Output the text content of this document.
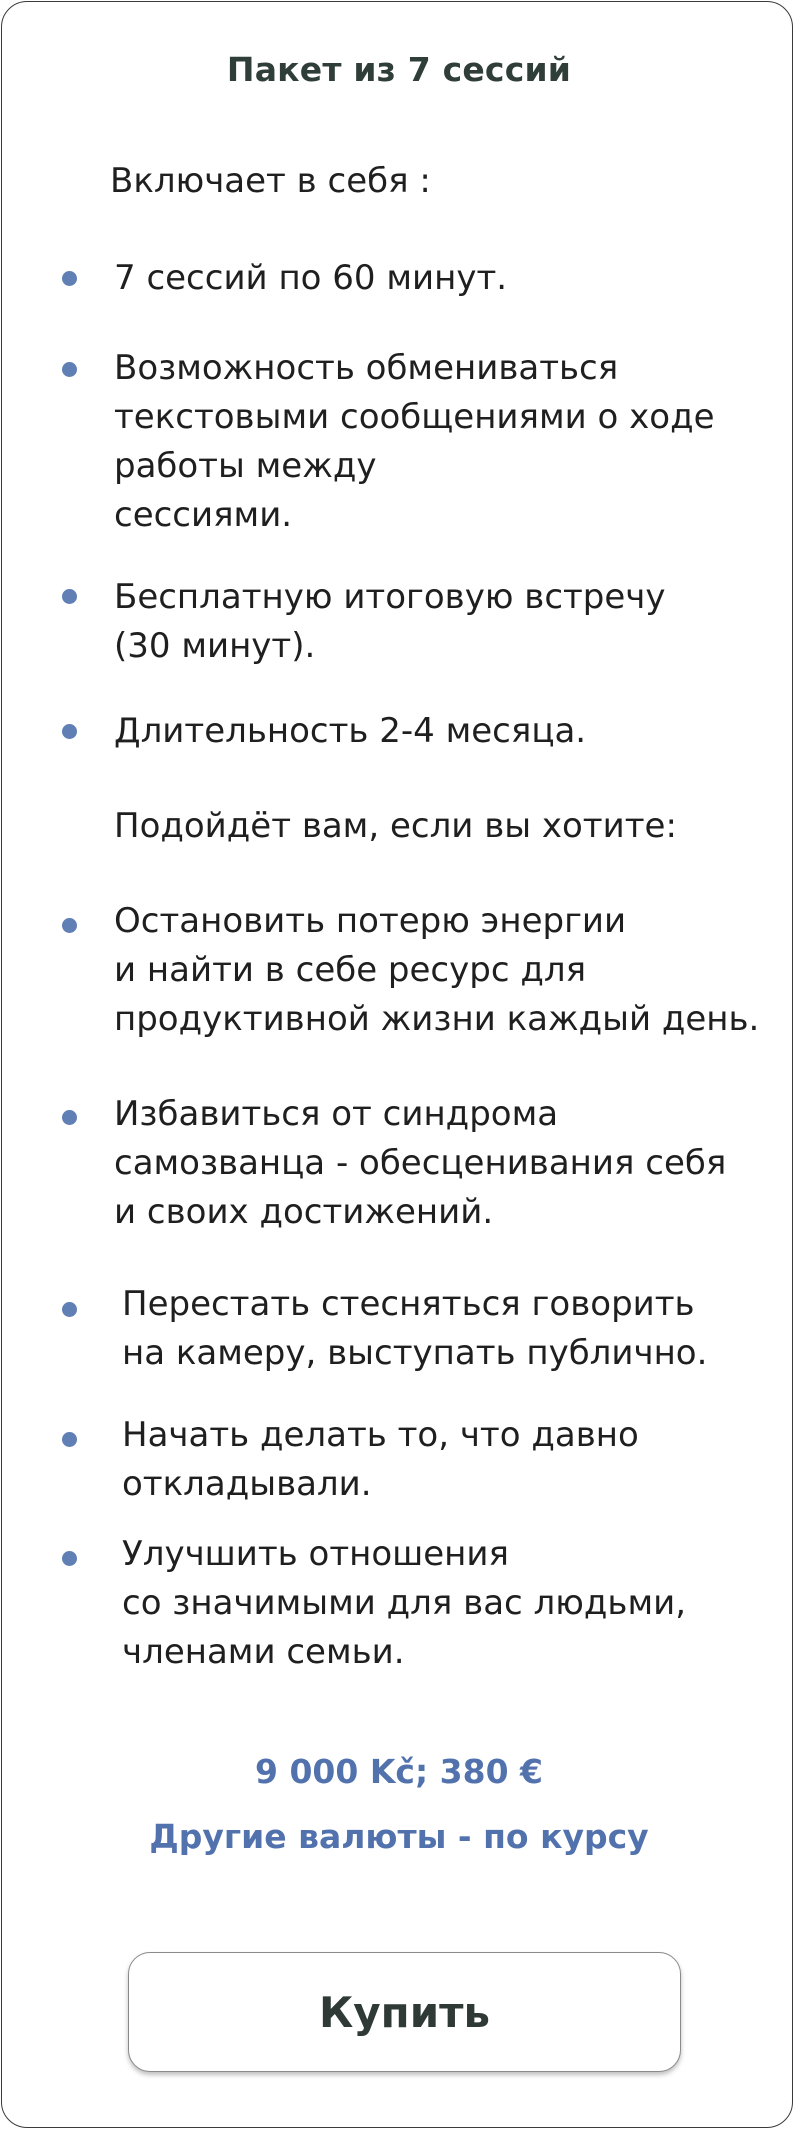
Пакет из 7 сессий
Включает в себя :
7 сессий по 60 минут.
Возможность обмениваться
текстовыми сообщениями о ходе
работы между
сессиями.
Бесплатную итоговую встречу
(30 минут).
Длительность 2-4 месяца.
Подойдёт вам, если вы хотите:
Остановить потерю энергии
и найти в себе ресурс для
продуктивной жизни каждый день.
Избавиться от синдрома
самозванца - обесценивания себя
и своих достижений.
Перестать стесняться говорить
на камеру, выступать публично.
Начать делать то, что давно
откладывали.
Улучшить отношения
со значимыми для вас людьми,
членами семьи.
9 000 Kč; 380 €
Другие валюты - по курсу
Купить
